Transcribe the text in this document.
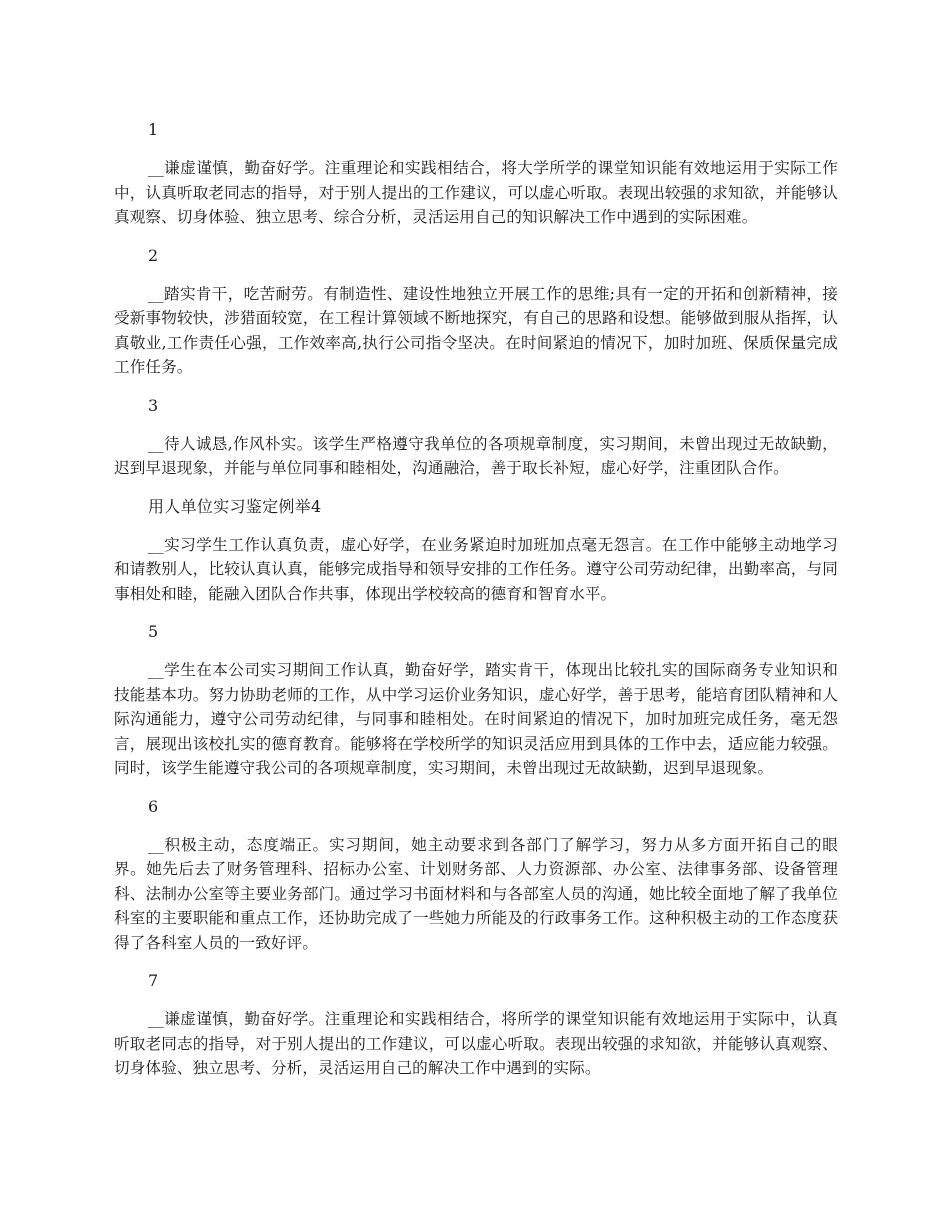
1

__谦虚谨慎，勤奋好学。注重理论和实践相结合，将大学所学的课堂知识能有效地运用于实际工作中，认真听取老同志的指导，对于别人提出的工作建议，可以虚心听取。表现出较强的求知欲，并能够认真观察、切身体验、独立思考、综合分析，灵活运用自己的知识解决工作中遇到的实际困难。

2

__踏实肯干，吃苦耐劳。有制造性、建设性地独立开展工作的思维;具有一定的开拓和创新精神，接受新事物较快，涉猎面较宽，在工程计算领域不断地探究，有自己的思路和设想。能够做到服从指挥，认真敬业,工作责任心强，工作效率高,执行公司指令坚决。在时间紧迫的情况下，加时加班、保质保量完成工作任务。

3

__待人诚恳,作风朴实。该学生严格遵守我单位的各项规章制度，实习期间，未曾出现过无故缺勤，迟到早退现象，并能与单位同事和睦相处，沟通融洽，善于取长补短，虚心好学，注重团队合作。

用人单位实习鉴定例举4

__实习学生工作认真负责，虚心好学，在业务紧迫时加班加点毫无怨言。在工作中能够主动地学习和请教别人，比较认真认真，能够完成指导和领导安排的工作任务。遵守公司劳动纪律，出勤率高，与同事相处和睦，能融入团队合作共事，体现出学校较高的德育和智育水平。

5

__学生在本公司实习期间工作认真，勤奋好学，踏实肯干，体现出比较扎实的国际商务专业知识和技能基本功。努力协助老师的工作，从中学习运价业务知识，虚心好学，善于思考，能培育团队精神和人际沟通能力，遵守公司劳动纪律，与同事和睦相处。在时间紧迫的情况下，加时加班完成任务，毫无怨言，展现出该校扎实的德育教育。能够将在学校所学的知识灵活应用到具体的工作中去，适应能力较强。同时，该学生能遵守我公司的各项规章制度，实习期间，未曾出现过无故缺勤，迟到早退现象。

6

__积极主动，态度端正。实习期间，她主动要求到各部门了解学习，努力从多方面开拓自己的眼界。她先后去了财务管理科、招标办公室、计划财务部、人力资源部、办公室、法律事务部、设备管理科、法制办公室等主要业务部门。通过学习书面材料和与各部室人员的沟通，她比较全面地了解了我单位科室的主要职能和重点工作，还协助完成了一些她力所能及的行政事务工作。这种积极主动的工作态度获得了各科室人员的一致好评。

7

__谦虚谨慎，勤奋好学。注重理论和实践相结合，将所学的课堂知识能有效地运用于实际中，认真听取老同志的指导，对于别人提出的工作建议，可以虚心听取。表现出较强的求知欲，并能够认真观察、切身体验、独立思考、分析，灵活运用自己的解决工作中遇到的实际。
